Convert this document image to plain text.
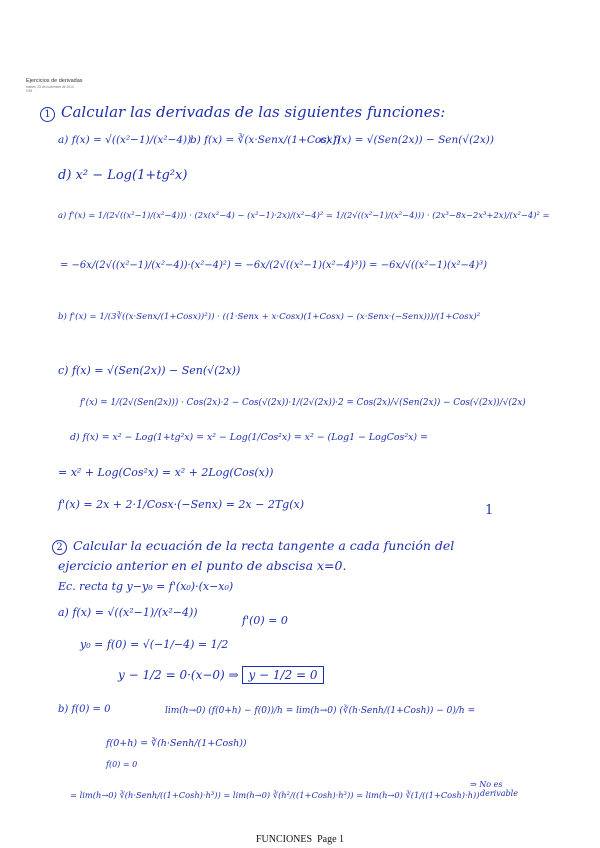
Ejercicios de derivadas
martes, 25 de noviembre de 2014
9:55
1 Calcular las derivadas de las siguientes funciones:
a) f(x) = √((x²−1)/(x²−4))
b) f(x) = ∛(x·Senx/(1+Cosx))
c) f(x) = √(Sen(2x)) − Sen(√(2x))
d) x² − Log(1+tg²x)
a) f'(x) = 1/(2√((x²−1)/(x²−4))) · (2x(x²−4) − (x²−1)·2x)/(x²−4)² = 1/(2√((x²−1)/(x²−4))) · (2x³−8x−2x³+2x)/(x²−4)² =
= −6x/(2√((x²−1)/(x²−4))·(x²−4)²) = −6x/(2√((x²−1)(x²−4)³)) = −6x/√((x²−1)(x²−4)³)
b) f'(x) = 1/(3∛((x·Senx/(1+Cosx))²)) · ((1·Senx + x·Cosx)(1+Cosx) − (x·Senx·(−Senx)))/(1+Cosx)²
c) f(x) = √(Sen(2x)) − Sen(√(2x))
f'(x) = 1/(2√(Sen(2x))) · Cos(2x)·2 − Cos(√(2x))·1/(2√(2x))·2 = Cos(2x)/√(Sen(2x)) − Cos(√(2x))/√(2x)
d) f(x) = x² − Log(1+tg²x) = x² − Log(1/Cos²x) = x² − (Log1 − LogCos²x) =
= x² + Log(Cos²x) = x² + 2Log(Cos(x))
f'(x) = 2x + 2·1/Cosx·(−Senx) = 2x − 2Tg(x)	1
2 Calcular la ecuación de la recta tangente a cada función del
ejercicio anterior en el punto de abscisa x=0.
Ec. recta tg y−y₀ = f'(x₀)·(x−x₀)
a) f(x) = √((x²−1)/(x²−4))
f'(0) = 0
y₀ = f(0) = √(−1/−4) = 1/2
y − 1/2 = 0·(x−0) ⇒ y − 1/2 = 0
b) f(0) = 0	lim(h→0) (f(0+h) − f(0))/h = lim(h→0) (∛(h·Senh/(1+Cosh)) − 0)/h =
f(0+h) = ∛(h·Senh/(1+Cosh))
f(0) = 0
= lim(h→0) ∛(h·Senh/((1+Cosh)·h³)) = lim(h→0) ∛(h²/((1+Cosh)·h³)) = lim(h→0) ∛(1/((1+Cosh)·h))
⇒ No es
derivable
FUNCIONES Page 1
